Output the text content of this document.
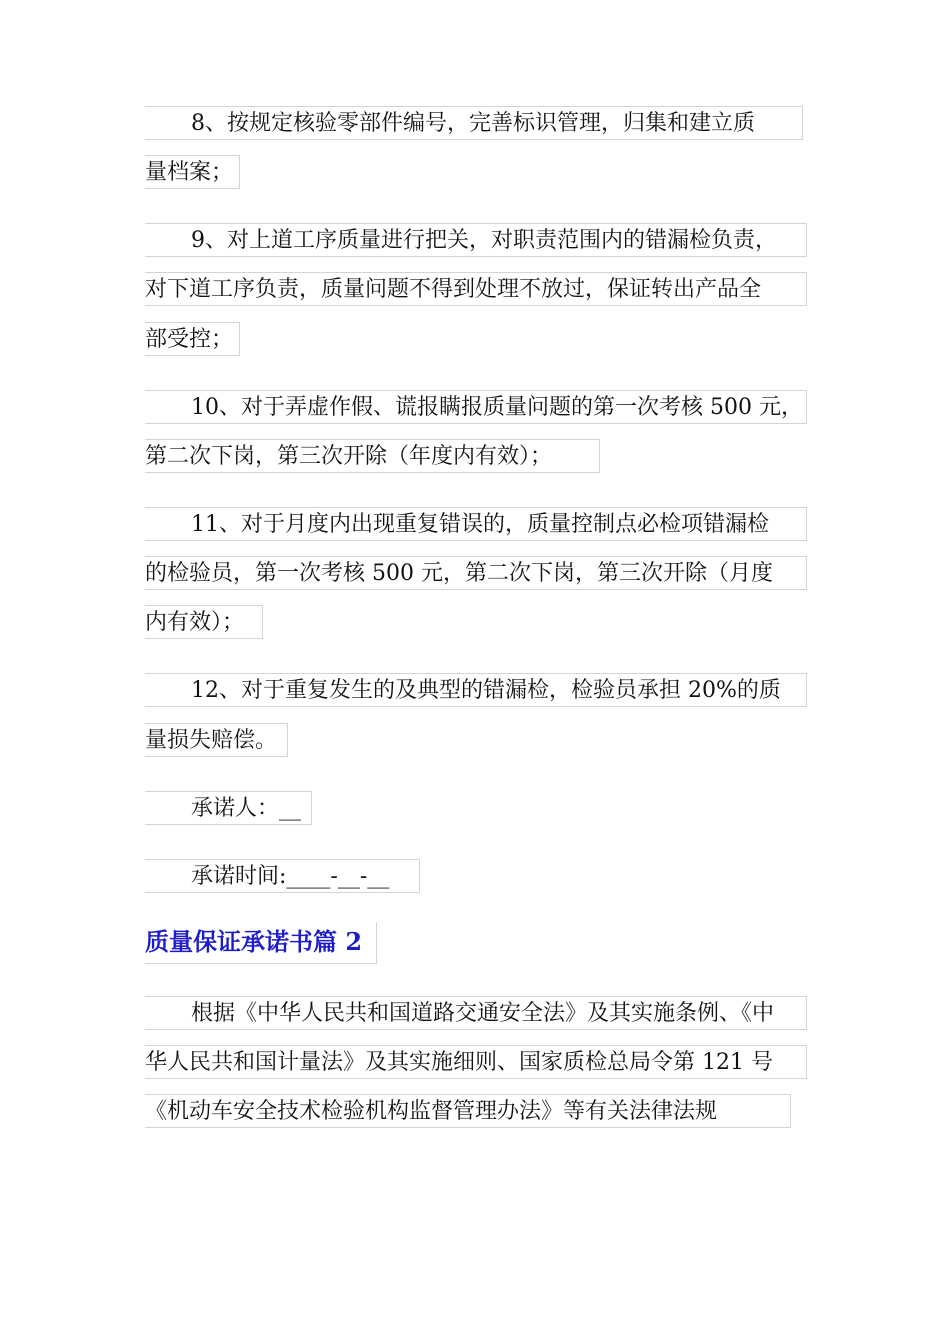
8、按规定核验零部件编号，完善标识管理，归集和建立质
量档案；
9、对上道工序质量进行把关，对职责范围内的错漏检负责，
对下道工序负责，质量问题不得到处理不放过，保证转出产品全
部受控；
10、对于弄虚作假、谎报瞒报质量问题的第一次考核 500 元，
第二次下岗，第三次开除（年度内有效）；
11、对于月度内出现重复错误的，质量控制点必检项错漏检
的检验员，第一次考核 500 元，第二次下岗，第三次开除（月度
内有效）；
12、对于重复发生的及典型的错漏检，检验员承担 20%的质
量损失赔偿。
承诺人：__
承诺时间:____-__-__
质量保证承诺书篇 2
根据《中华人民共和国道路交通安全法》及其实施条例、《中
华人民共和国计量法》及其实施细则、国家质检总局令第 121 号
《机动车安全技术检验机构监督管理办法》等有关法律法规
